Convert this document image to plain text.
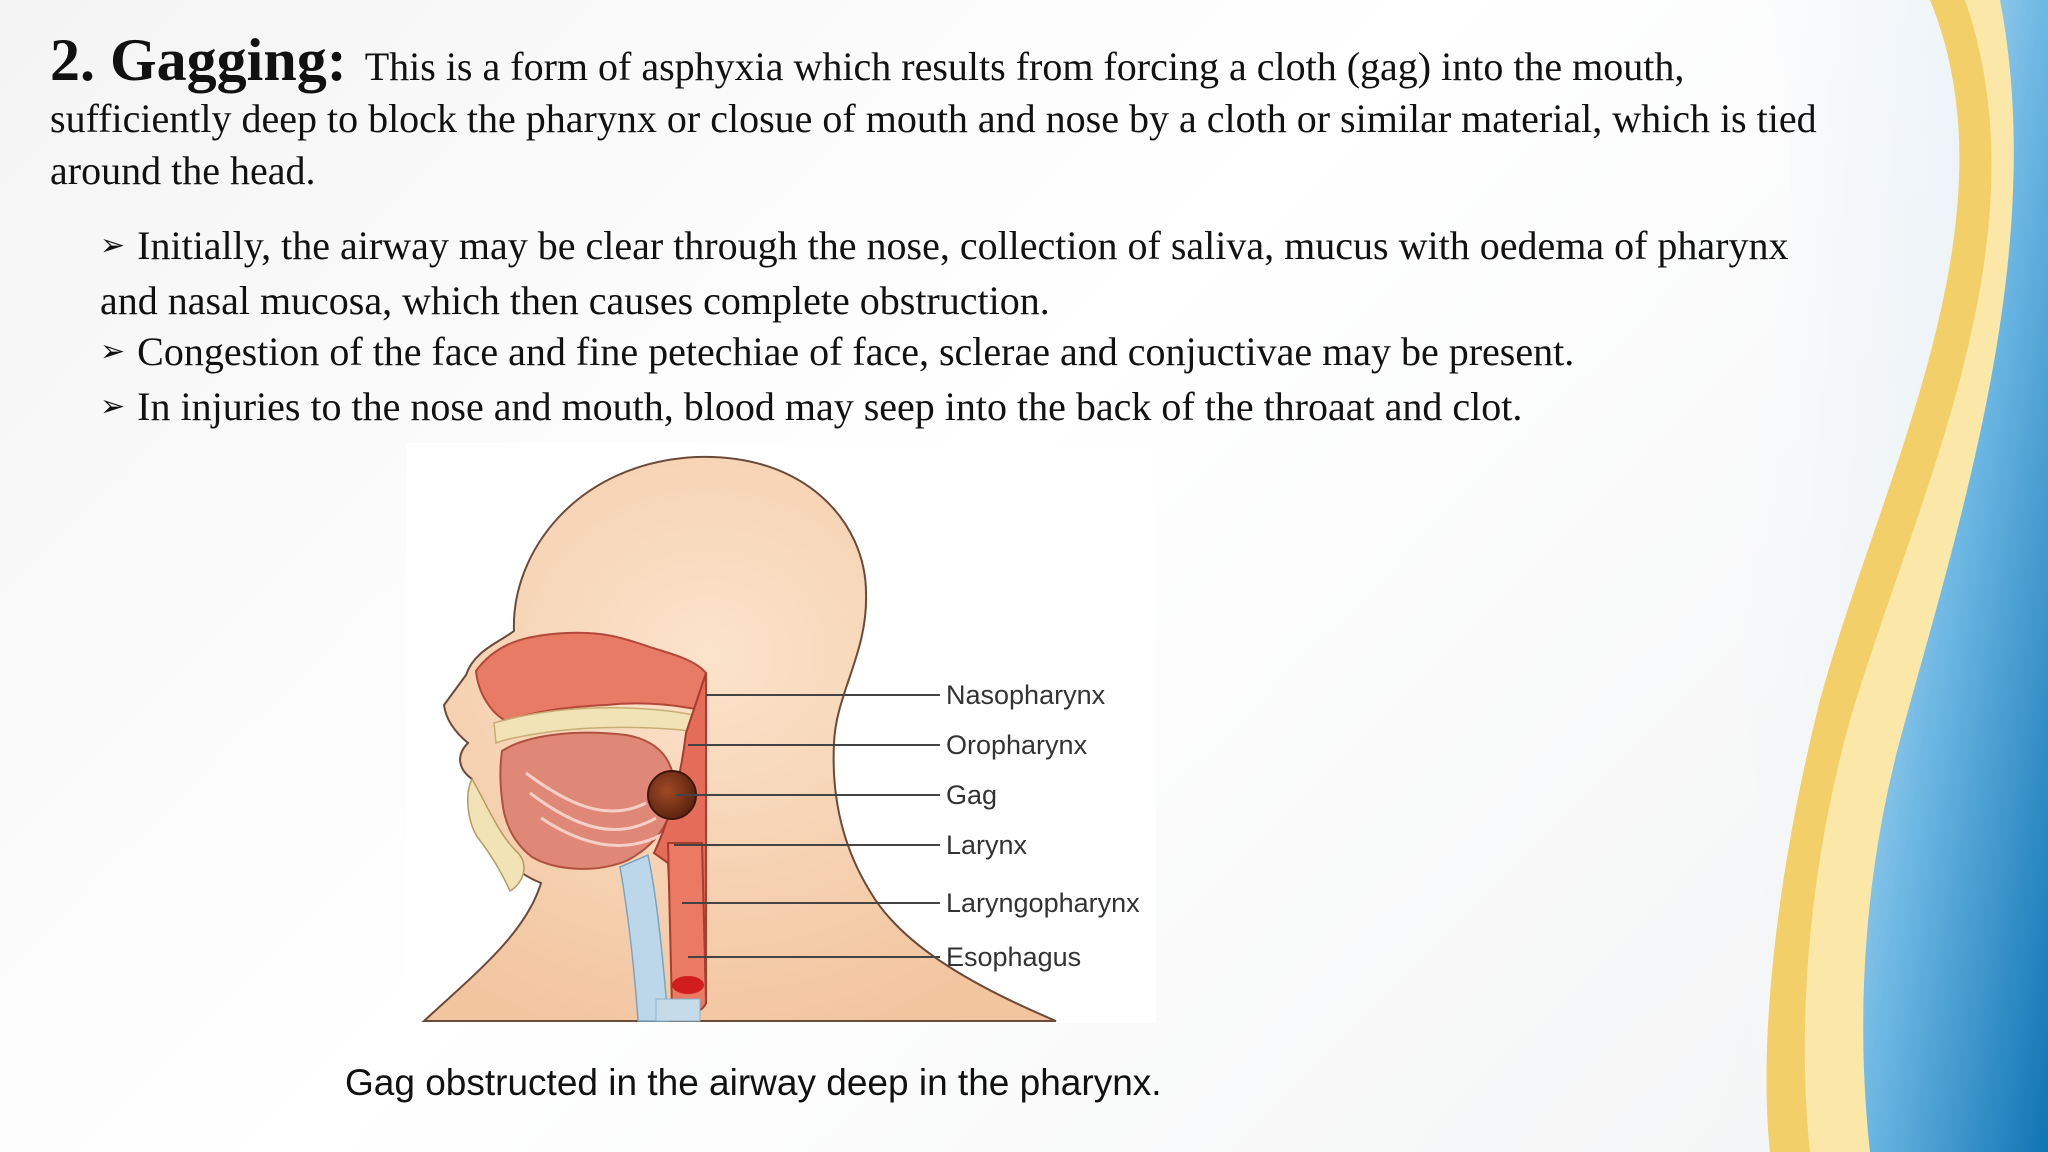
2. Gagging: This is a form of asphyxia which results from forcing a cloth (gag) into the mouth, sufficiently deep to block the pharynx or closue of mouth and nose by a cloth or similar material, which is tied around the head.
➢ Initially, the airway may be clear through the nose, collection of saliva, mucus with oedema of pharynx and nasal mucosa, which then causes complete obstruction.
➢ Congestion of the face and fine petechiae of face, sclerae and conjuctivae may be present.
➢ In injuries to the nose and mouth, blood may seep into the back of the throaat and clot.
Nasopharynx
Oropharynx
Gag
Larynx
Laryngopharynx
Esophagus
Gag obstructed in the airway deep in the pharynx.
